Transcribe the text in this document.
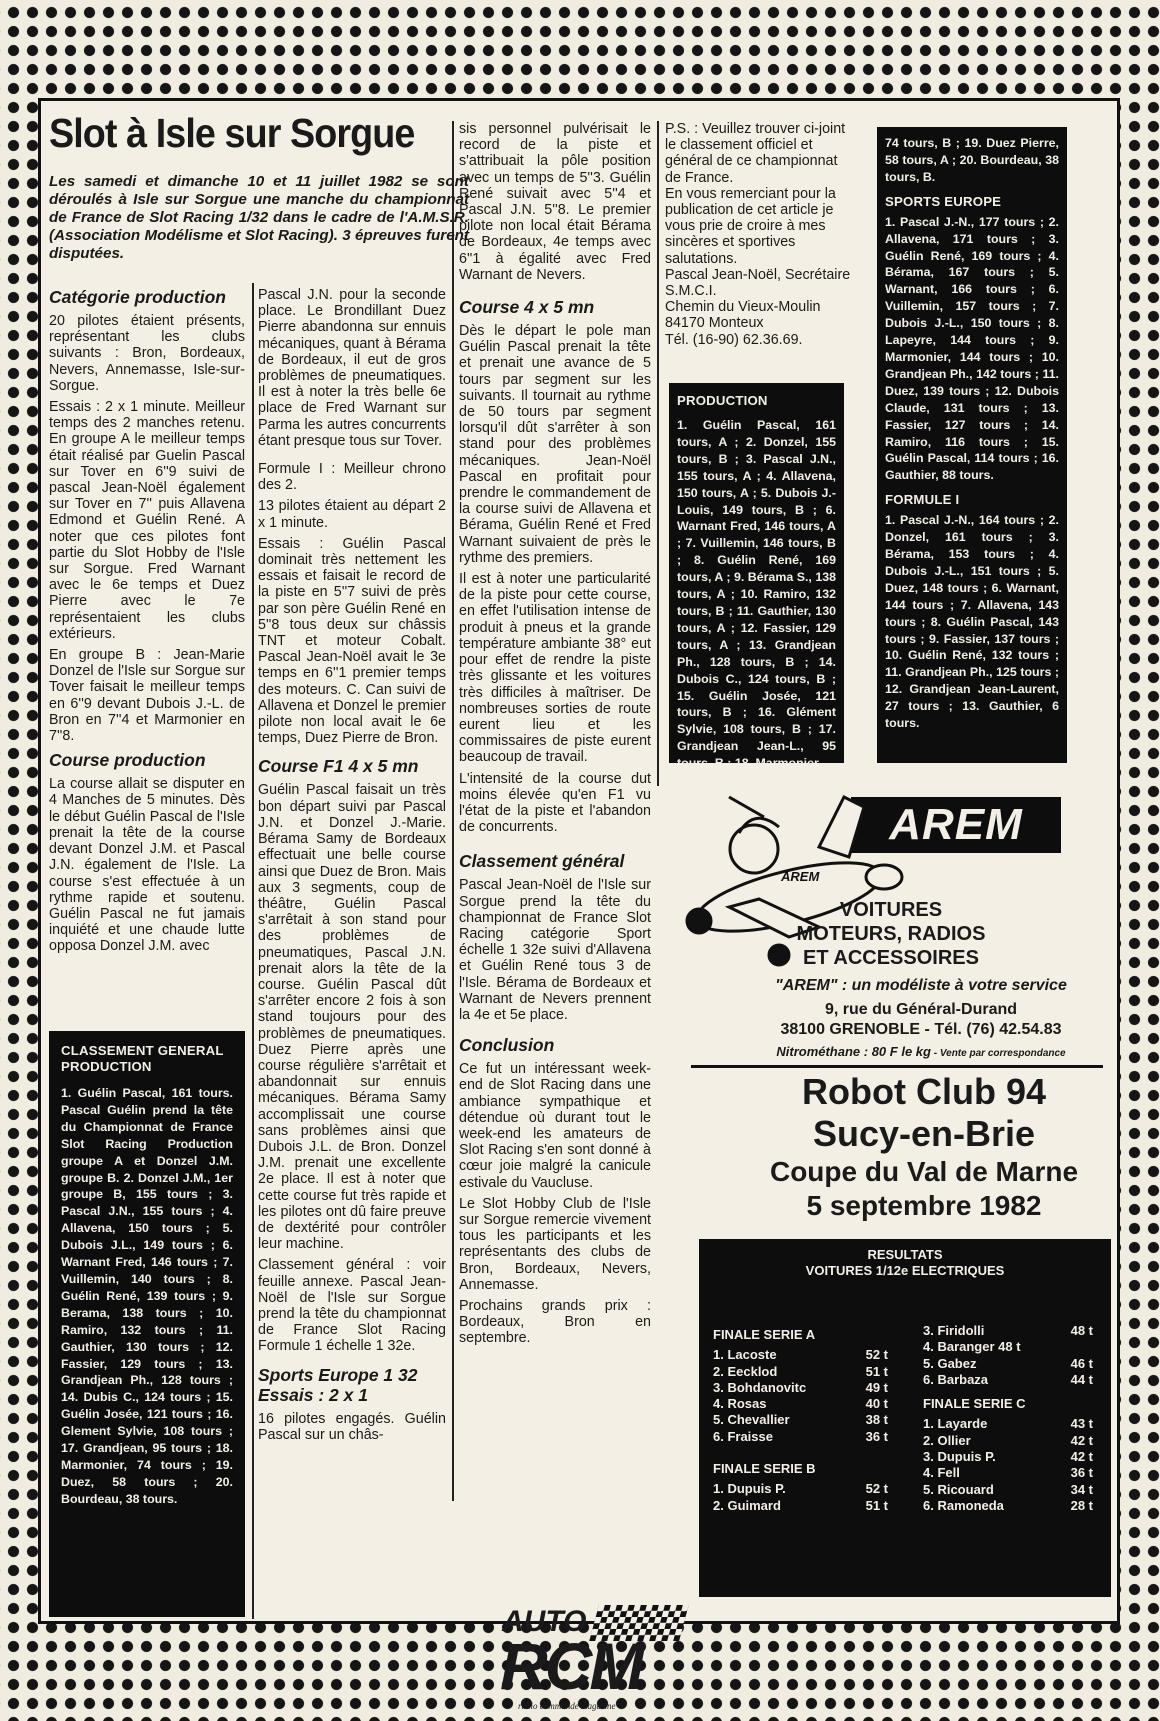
Slot à Isle sur Sorgue
Les samedi et dimanche 10 et 11 juillet 1982 se sont déroulés à Isle sur Sorgue une manche du championnat de France de Slot Racing 1/32 dans le cadre de l'A.M.S.R. (Association Modélisme et Slot Racing). 3 épreuves furent disputées.
Catégorie production

20 pilotes étaient présents, représentant les clubs suivants : Bron, Bordeaux, Nevers, Annemasse, Isle-sur-Sorgue.

Essais : 2 x 1 minute. Meilleur temps des 2 manches retenu. En groupe A le meilleur temps était réalisé par Guelin Pascal sur Tover en 6''9 suivi de pascal Jean-Noël également sur Tover en 7'' puis Allavena Edmond et Guélin René. A noter que ces pilotes font partie du Slot Hobby de l'Isle sur Sorgue. Fred Warnant avec le 6e temps et Duez Pierre avec le 7e représentaient les clubs extérieurs.

En groupe B : Jean-Marie Donzel de l'Isle sur Sorgue sur Tover faisait le meilleur temps en 6''9 devant Dubois J.-L. de Bron en 7''4 et Marmonier en 7''8.

Course production

La course allait se disputer en 4 Manches de 5 minutes. Dès le début Guélin Pascal de l'Isle prenait la tête de la course devant Donzel J.M. et Pascal J.N. également de l'Isle. La course s'est effectuée à un rythme rapide et soutenu. Guélin Pascal ne fut jamais inquiété et une chaude lutte opposa Donzel J.M. avec

CLASSEMENT GENERAL PRODUCTION
1. Guélin Pascal, 161 tours. Pascal Guélin prend la tête du Championnat de France Slot Racing Production groupe A et Donzel J.M. groupe B. 2. Donzel J.M., 1er groupe B, 155 tours ; 3. Pascal J.N., 155 tours ; 4. Allavena, 150 tours ; 5. Dubois J.L., 149 tours ; 6. Warnant Fred, 146 tours ; 7. Vuillemin, 140 tours ; 8. Guélin René, 139 tours ; 9. Berama, 138 tours ; 10. Ramiro, 132 tours ; 11. Gauthier, 130 tours ; 12. Fassier, 129 tours ; 13. Grandjean Ph., 128 tours ; 14. Dubis C., 124 tours ; 15. Guélin Josée, 121 tours ; 16. Glement Sylvie, 108 tours ; 17. Grandjean, 95 tours ; 18. Marmonier, 74 tours ; 19. Duez, 58 tours ; 20. Bourdeau, 38 tours.

Pascal J.N. pour la seconde place. Le Brondillant Duez Pierre abandonna sur ennuis mécaniques, quant à Bérama de Bordeaux, il eut de gros problèmes de pneumatiques. Il est à noter la très belle 6e place de Fred Warnant sur Parma les autres concurrents étant presque tous sur Tover.

Formule I : Meilleur chrono des 2.

13 pilotes étaient au départ 2 x 1 minute.

Essais : Guélin Pascal dominait très nettement les essais et faisait le record de la piste en 5''7 suivi de près par son père Guélin René en 5''8 tous deux sur châssis TNT et moteur Cobalt. Pascal Jean-Noël avait le 3e temps en 6''1 premier temps des moteurs. C. Can suivi de Allavena et Donzel le premier pilote non local avait le 6e temps, Duez Pierre de Bron.

Course F1 4 x 5 mn

Guélin Pascal faisait un très bon départ suivi par Pascal J.N. et Donzel J.-Marie. Bérama Samy de Bordeaux effectuait une belle course ainsi que Duez de Bron. Mais aux 3 segments, coup de théâtre, Guélin Pascal s'arrêtait à son stand pour des problèmes de pneumatiques, Pascal J.N. prenait alors la tête de la course. Guélin Pascal dût s'arrêter encore 2 fois à son stand toujours pour des problèmes de pneumatiques. Duez Pierre après une course régulière s'arrêtait et abandonnait sur ennuis mécaniques. Bérama Samy accomplissait une course sans problèmes ainsi que Dubois J.L. de Bron. Donzel J.M. prenait une excellente 2e place. Il est à noter que cette course fut très rapide et les pilotes ont dû faire preuve de dextérité pour contrôler leur machine.

Classement général : voir feuille annexe. Pascal Jean-Noël de l'Isle sur Sorgue prend la tête du championnat de France Slot Racing Formule 1 échelle 1 32e.

Sports Europe 1 32 Essais : 2 x 1

16 pilotes engagés. Guélin Pascal sur un châs-

sis personnel pulvérisait le record de la piste et s'attribuait la pôle position avec un temps de 5''3. Guélin René suivait avec 5''4 et Pascal J.N. 5''8. Le premier pilote non local était Bérama de Bordeaux, 4e temps avec 6''1 à égalité avec Fred Warnant de Nevers.

Course 4 x 5 mn

Dès le départ le pole man Guélin Pascal prenait la tête et prenait une avance de 5 tours par segment sur les suivants. Il tournait au rythme de 50 tours par segment lorsqu'il dût s'arrêter à son stand pour des problèmes mécaniques. Jean-Noël Pascal en profitait pour prendre le commandement de la course suivi de Allavena et Bérama, Guélin René et Fred Warnant suivaient de près le rythme des premiers.

Il est à noter une particularité de la piste pour cette course, en effet l'utilisation intense de produit à pneus et la grande température ambiante 38° eut pour effet de rendre la piste très glissante et les voitures très difficiles à maîtriser. De nombreuses sorties de route eurent lieu et les commissaires de piste eurent beaucoup de travail.

L'intensité de la course dut moins élevée qu'en F1 vu l'état de la piste et l'abandon de concurrents.

Classement général

Pascal Jean-Noël de l'Isle sur Sorgue prend la tête du championnat de France Slot Racing catégorie Sport échelle 1 32e suivi d'Allavena et Guélin René tous 3 de l'Isle. Bérama de Bordeaux et Warnant de Nevers prennent la 4e et 5e place.

Conclusion

Ce fut un intéressant week-end de Slot Racing dans une ambiance sympathique et détendue où durant tout le week-end les amateurs de Slot Racing s'en sont donné à cœur joie malgré la canicule estivale du Vaucluse.

Le Slot Hobby Club de l'Isle sur Sorgue remercie vivement tous les participants et les représentants des clubs de Bron, Bordeaux, Nevers, Annemasse.

Prochains grands prix : Bordeaux, Bron en septembre.

P.S. : Veuillez trouver ci-joint le classement officiel et général de ce championnat de France.

En vous remerciant pour la publication de cet article je vous prie de croire à mes sincères et sportives salutations.

Pascal Jean-Noël, Secrétaire S.M.C.I.
Chemin du Vieux-Moulin
84170 Monteux
Tél. (16-90) 62.36.69.
PRODUCTION
1. Guélin Pascal, 161 tours, A ; 2. Donzel, 155 tours, B ; 3. Pascal J.N., 155 tours, A ; 4. Allavena, 150 tours, A ; 5. Dubois J.-Louis, 149 tours, B ; 6. Warnant Fred, 146 tours, A ; 7. Vuillemin, 146 tours, B ; 8. Guélin René, 169 tours, A ; 9. Bérama S., 138 tours, A ; 10. Ramiro, 132 tours, B ; 11. Gauthier, 130 tours, A ; 12. Fassier, 129 tours, A ; 13. Grandjean Ph., 128 tours, B ; 14. Dubois C., 124 tours, B ; 15. Guélin Josée, 121 tours, B ; 16. Glément Sylvie, 108 tours, B ; 17. Grandjean Jean-L., 95 tours, B ; 18. Marmonier,
74 tours, B ; 19. Duez Pierre, 58 tours, A ; 20. Bourdeau, 38 tours, B.
SPORTS EUROPE
1. Pascal J.-N., 177 tours ; 2. Allavena, 171 tours ; 3. Guélin René, 169 tours ; 4. Bérama, 167 tours ; 5. Warnant, 166 tours ; 6. Vuillemin, 157 tours ; 7. Dubois J.-L., 150 tours ; 8. Lapeyre, 144 tours ; 9. Marmonier, 144 tours ; 10. Grandjean Ph., 142 tours ; 11. Duez, 139 tours ; 12. Dubois Claude, 131 tours ; 13. Fassier, 127 tours ; 14. Ramiro, 116 tours ; 15. Guélin Pascal, 114 tours ; 16. Gauthier, 88 tours.
FORMULE I
1. Pascal J.-N., 164 tours ; 2. Donzel, 161 tours ; 3. Bérama, 153 tours ; 4. Dubois J.-L., 151 tours ; 5. Duez, 148 tours ; 6. Warnant, 144 tours ; 7. Allavena, 143 tours ; 8. Guélin Pascal, 143 tours ; 9. Fassier, 137 tours ; 10. Guélin René, 132 tours ; 11. Grandjean Ph., 125 tours ; 12. Grandjean Jean-Laurent, 27 tours ; 13. Gauthier, 6 tours.
AREM
AREM
VOITURES
MOTEURS, RADIOS
ET ACCESSOIRES
"AREM" : un modéliste à votre service
9, rue du Général-Durand
38100 GRENOBLE - Tél. (76) 42.54.83
Nitrométhane : 80 F le kg - Vente par correspondance
Robot Club 94
Sucy-en-Brie
Coupe du Val de Marne
5 septembre 1982
RESULTATS
VOITURES 1/12e ELECTRIQUES
FINALE SERIE A
1. Lacoste	52 t
2. Eecklod	51 t
3. Bohdanovitc	49 t
4. Rosas	40 t
5. Chevallier	38 t
6. Fraisse	36 t
FINALE SERIE B
1. Dupuis P.	52 t
2. Guimard	51 t
3. Firidolli	48 t
4. Baranger 48 t
5. Gabez	46 t
6. Barbaza	44 t
FINALE SERIE C
1. Layarde	43 t
2. Ollier	42 t
3. Dupuis P.	42 t
4. Fell	36 t
5. Ricouard	34 t
6. Ramoneda	28 t
AUTO
RCM
radio commande magazine
